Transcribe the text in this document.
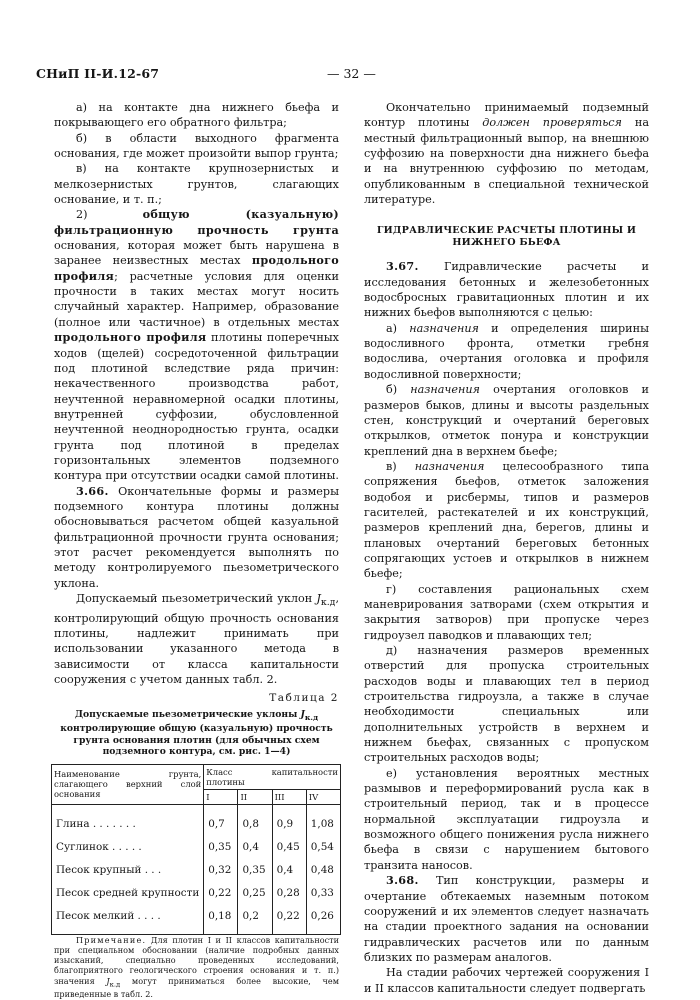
СНиП II-И.12-67	— 32 —

а) на контакте дна нижнего бьефа и покрывающего его обратного фильтра;

б) в области выходного фрагмента основания, где может произойти выпор грунта;

в) на контакте крупнозернистых и мелкозернистых грунтов, слагающих основание, и т. п.;

2) общую (казуальную) фильтрационную прочность грунта основания, которая может быть нарушена в заранее неизвестных местах продольного профиля; расчетные условия для оценки прочности в таких местах могут носить случайный характер. Например, образование (полное или частичное) в отдельных местах продольного профиля плотины поперечных ходов (щелей) сосредоточенной фильтрации под плотиной вследствие ряда причин: некачественного производства работ, неучтенной неравномерной осадки плотины, внутренней суффозии, обусловленной неучтенной неоднородностью грунта, осадки грунта под плотиной в пределах горизонтальных элементов подземного контура при отсутствии осадки самой плотины.

3.66. Окончательные формы и размеры подземного контура плотины должны обосновываться расчетом общей казуальной фильтрационной прочности грунта основания; этот расчет рекомендуется выполнять по методу контролируемого пьезометрического уклона.

Допускаемый пьезометрический уклон $J_{к.д}$, контролирующий общую прочность основания плотины, надлежит принимать при использовании указанного метода в зависимости от класса капитальности сооружения с учетом данных табл. 2.

Таблица 2
Допускаемые пьезометрические уклоны $J_{к.д}$ контролирующие общую (казуальную) прочность грунта основания плотин (для обычных схем подземного контура, см. рис. 1—4)
Наименование грунта, слагающего верхний слой основания	Класс капитальности плотины			
	I	II	III	IV
Глина . . . . . . .	0,7	0,8	0,9	1,08
Суглинок . . . . .	0,35	0,4	0,45	0,54
Песок крупный . . .	0,32	0,35	0,4	0,48
Песок средней крупности	0,22	0,25	0,28	0,33
Песок мелкий . . . .	0,18	0,2	0,22	0,26

Примечание. Для плотин I и II классов капитальности при специальном обосновании (наличие подробных данных изысканий, специально проведенных исследований, благоприятного геологического строения основания и т. п.) значения $J_{к.д}$ могут приниматься более высокие, чем приведенные в табл. 2.

Окончательно принимаемый подземный контур плотины должен проверяться на местный фильтрационный выпор, на внешнюю суффозию на поверхности дна нижнего бьефа и на внутреннюю суффозию по методам, опубликованным в специальной технической литературе.

ГИДРАВЛИЧЕСКИЕ РАСЧЕТЫ ПЛОТИНЫ И НИЖНЕГО БЬЕФА

3.67. Гидравлические расчеты и исследования бетонных и железобетонных водосбросных гравитационных плотин и их нижних бьефов выполняются с целью:

а) назначения и определения ширины водосливного фронта, отметки гребня водослива, очертания оголовка и профиля водосливной поверхности;

б) назначения очертания оголовков и размеров быков, длины и высоты раздельных стен, конструкций и очертаний береговых открылков, отметок понура и конструкции креплений дна в верхнем бьефе;

в) назначения целесообразного типа сопряжения бьефов, отметок заложения водобоя и рисбермы, типов и размеров гасителей, растекателей и их конструкций, размеров креплений дна, берегов, длины и плановых очертаний береговых бетонных сопрягающих устоев и открылков в нижнем бьефе;

г) составления рациональных схем маневрирования затворами (схем открытия и закрытия затворов) при пропуске через гидроузел паводков и плавающих тел;

д) назначения размеров временных отверстий для пропуска строительных расходов воды и плавающих тел в период строительства гидроузла, а также в случае необходимости специальных или дополнительных устройств в верхнем и нижнем бьефах, связанных с пропуском строительных расходов воды;

е) установления вероятных местных размывов и переформирований русла как в строительный период, так и в процессе нормальной эксплуатации гидроузла и возможного общего понижения русла нижнего бьефа в связи с нарушением бытового транзита наносов.

3.68. Тип конструкции, размеры и очертание обтекаемых наземным потоком сооружений и их элементов следует назначать на стадии проектного задания на основании гидравлических расчетов или по данным близких по размерам аналогов.

На стадии рабочих чертежей сооружения I и II классов капитальности следует подвергать
